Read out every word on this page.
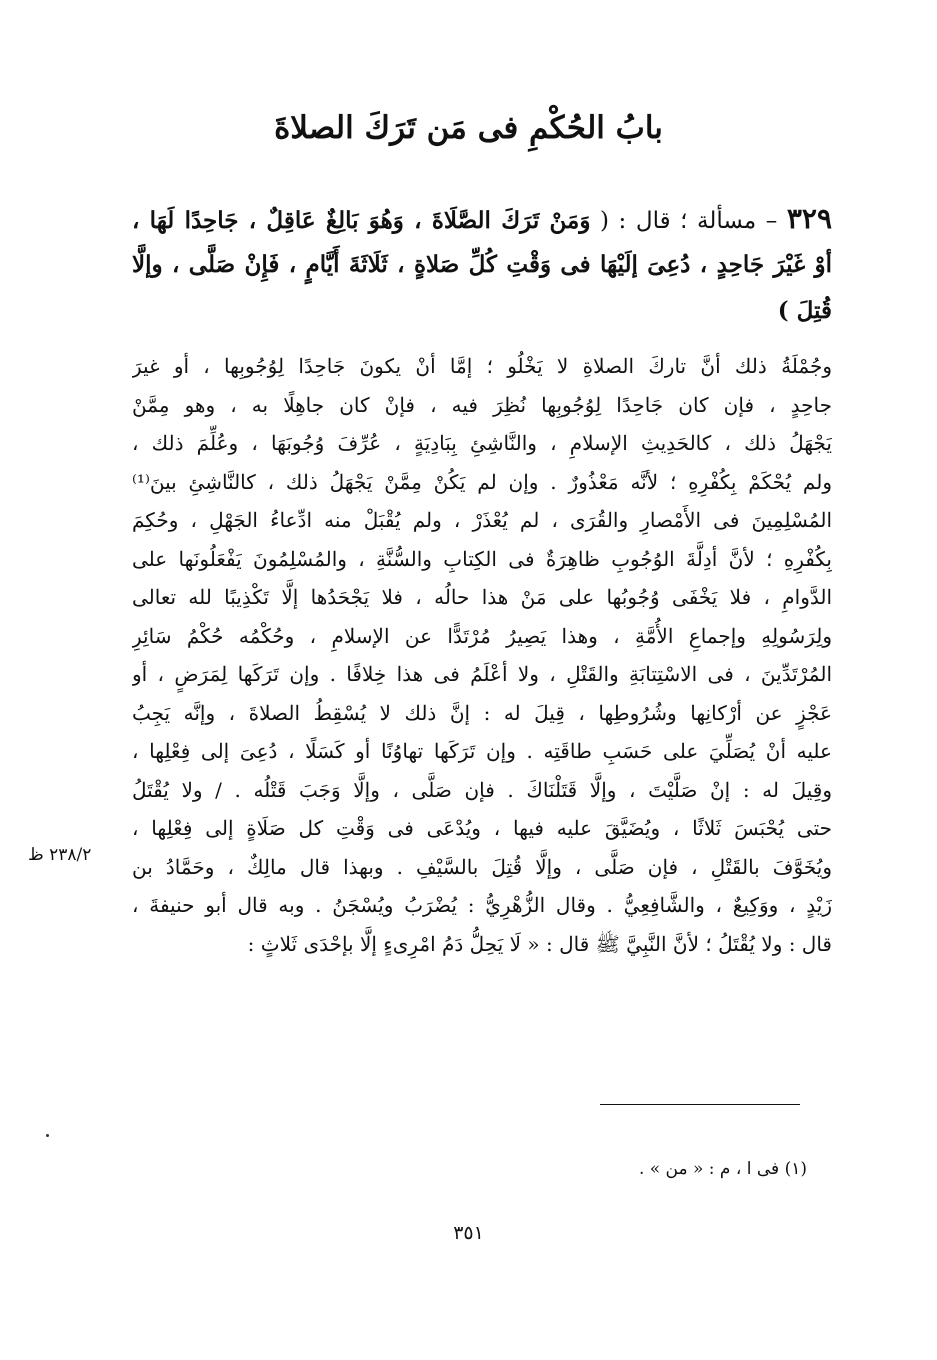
بابُ الحُكْمِ فى مَن تَرَكَ الصلاةَ
٣٢٩ – مسألة ؛ قال : ( وَمَنْ تَرَكَ الصَّلَاةَ ، وَهُوَ بَالِغٌ عَاقِلٌ ، جَاحِدًا لَهَا ،
أوْ غَيْرَ جَاحِدٍ ، دُعِىَ إلَيْهَا فى وَقْتِ كُلِّ صَلاةٍ ، ثَلَاثَةَ أَيَّامٍ ، فَإِنْ صَلَّى ، وإلَّا
قُتِلَ )
وجُمْلَةُ ذلك أنَّ تاركَ الصلاةِ لا يَخْلُو ؛ إمَّا أنْ يكونَ جَاحِدًا لِوُجُوبِها ، أو غيرَ
جاحِدٍ ، فإن كان جَاحِدًا لِوُجُوبِها نُظِرَ فيه ، فإنْ كان جاهِلًا به ، وهو مِمَّنْ
يَجْهَلُ ذلك ، كالحَدِيثِ الإسلامِ ، والنَّاشِئِ بِبَادِيَةٍ ، عُرِّفَ وُجُوبَهَا ، وعُلِّمَ ذلك ،
ولم يُحْكَمْ بِكُفْرِهِ ؛ لأنَّه مَعْذُورٌ . وإن لم يَكُنْ مِمَّنْ يَجْهَلُ ذلك ، كالنَّاشِئِ بينَ⁽¹⁾
المُسْلِمِينَ فى الأَمْصارِ والقُرَى ، لم يُعْذَرْ ، ولم يُقْبَلْ منه ادِّعاءُ الجَهْلِ ، وحُكِمَ
بِكُفْرِهِ ؛ لأنَّ أدِلَّةَ الوُجُوبِ ظاهِرَةٌ فى الكِتابِ والسُّنَّةِ ، والمُسْلِمُونَ يَفْعَلُونَها على
الدَّوامِ ، فلا يَخْفَى وُجُوبُها على مَنْ هذا حالُه ، فلا يَجْحَدُها إلَّا تَكْذِيبًا لله تعالى
ولِرَسُولِهِ وإجماعِ الأُمَّةِ ، وهذا يَصِيرُ مُرْتَدًّا عن الإسلامِ ، وحُكْمُه حُكْمُ سَائِرِ
المُرْتَدِّينَ ، فى الاسْتِتابَةِ والقَتْلِ ، ولا أعْلَمُ فى هذا خِلافًا . وإن تَرَكَها لِمَرَضٍ ، أو
عَجْزٍ عن أرْكانِها وشُرُوطِها ، قِيلَ له : إنَّ ذلك لا يُسْقِطُ الصلاةَ ، وإنَّه يَجِبُ
عليه أنْ يُصَلِّيَ على حَسَبِ طاقَتِه . وإن تَرَكَها تهاوُنًا أو كَسَلًا ، دُعِىَ إلى فِعْلِها ،
وقِيلَ له : إنْ صَلَّيْتَ ، وإلَّا قَتَلْنَاكَ . فإن صَلَّى ، وإلَّا وَجَبَ قَتْلُه . / ولا يُقْتَلُ
حتى يُحْبَسَ ثَلاثًا ، ويُضَيَّقَ عليه فيها ، ويُدْعَى فى وَقْتِ كل صَلَاةٍ إلى فِعْلِها ،
ويُخَوَّفَ بالقَتْلِ ، فإن صَلَّى ، وإلَّا قُتِلَ بالسَّيْفِ . وبهذا قال مالِكٌ ، وحَمَّادُ بن
زَيْدٍ ، ووَكِيعٌ ، والشَّافِعِيُّ . وقال الزُّهْرِيُّ : يُضْرَبُ ويُسْجَنُ . وبه قال أبو حنيفةَ ،
قال : ولا يُقْتَلُ ؛ لأنَّ النَّبِيَّ ﷺ قال : « لَا يَحِلُّ دَمُ امْرِىءٍ إلَّا بإحْدَى ثَلاثٍ :
٢٣٨/٢ ظ
(١) فى ا ، م : « من » .
٣٥١
